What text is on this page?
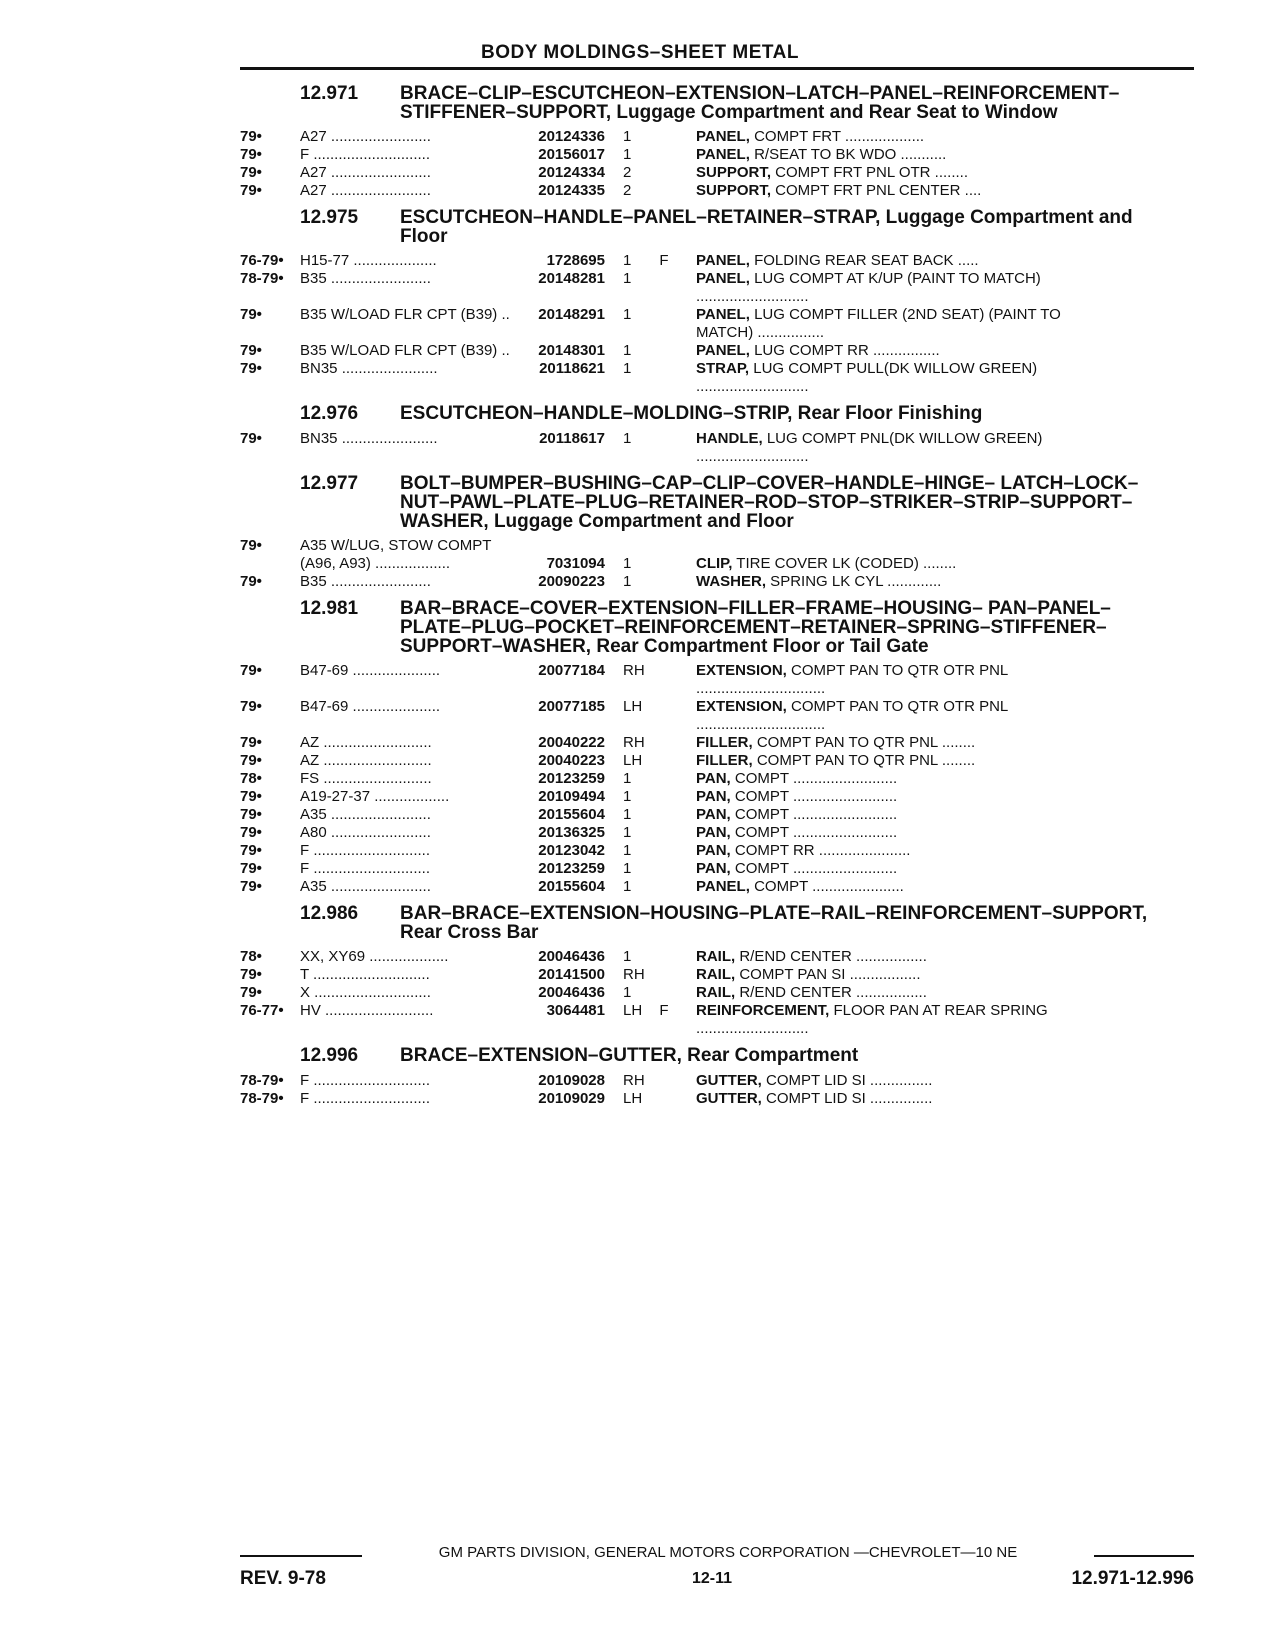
BODY MOLDINGS–SHEET METAL
12.971	BRACE–CLIP–ESCUTCHEON–EXTENSION–LATCH–PANEL–REINFORCEMENT–STIFFENER–SUPPORT, Luggage Compartment and Rear Seat to Window
79•	A27 ........................	20124336	1	PANEL, COMPT FRT ...................
79•	F ............................	20156017	1	PANEL, R/SEAT TO BK WDO ...........
79•	A27 ........................	20124334	2	SUPPORT, COMPT FRT PNL OTR ........
79•	A27 ........................	20124335	2	SUPPORT, COMPT FRT PNL CENTER ....
12.975	ESCUTCHEON–HANDLE–PANEL–RETAINER–STRAP, Luggage Compartment and Floor
76-79•	H15-77 ....................	1728695	1	F	PANEL, FOLDING REAR SEAT BACK .....
78-79•	B35 ........................	20148281	1	PANEL, LUG COMPT AT K/UP (PAINT TO MATCH) ...........................
79•	B35 W/LOAD FLR CPT (B39) ..	20148291	1	PANEL, LUG COMPT FILLER (2ND SEAT) (PAINT TO MATCH) ................
79•	B35 W/LOAD FLR CPT (B39) ..	20148301	1	PANEL, LUG COMPT RR ................
79•	BN35 .......................	20118621	1	STRAP, LUG COMPT PULL(DK WILLOW GREEN) ...........................
12.976	ESCUTCHEON–HANDLE–MOLDING–STRIP, Rear Floor Finishing
79•	BN35 .......................	20118617	1	HANDLE, LUG COMPT PNL(DK WILLOW GREEN) ...........................
12.977	BOLT–BUMPER–BUSHING–CAP–CLIP–COVER–HANDLE–HINGE– LATCH–LOCK–NUT–PAWL–PLATE–PLUG–RETAINER–ROD–STOP–STRIKER–STRIP–SUPPORT–WASHER, Luggage Compartment and Floor
79•	A35 W/LUG, STOW COMPT
(A96, A93) ..................	7031094	1	CLIP, TIRE COVER LK (CODED) ........
79•	B35 ........................	20090223	1	WASHER, SPRING LK CYL .............
12.981	BAR–BRACE–COVER–EXTENSION–FILLER–FRAME–HOUSING– PAN–PANEL–PLATE–PLUG–POCKET–REINFORCEMENT–RETAINER–SPRING–STIFFENER–SUPPORT–WASHER, Rear Compartment Floor or Tail Gate
79•	B47-69 .....................	20077184	RH	EXTENSION, COMPT PAN TO QTR OTR PNL ...............................
79•	B47-69 .....................	20077185	LH	EXTENSION, COMPT PAN TO QTR OTR PNL ...............................
79•	AZ ..........................	20040222	RH	FILLER, COMPT PAN TO QTR PNL ........
79•	AZ ..........................	20040223	LH	FILLER, COMPT PAN TO QTR PNL ........
78•	FS ..........................	20123259	1	PAN, COMPT .........................
79•	A19-27-37 ..................	20109494	1	PAN, COMPT .........................
79•	A35 ........................	20155604	1	PAN, COMPT .........................
79•	A80 ........................	20136325	1	PAN, COMPT .........................
79•	F ............................	20123042	1	PAN, COMPT RR ......................
79•	F ............................	20123259	1	PAN, COMPT .........................
79•	A35 ........................	20155604	1	PANEL, COMPT ......................
12.986	BAR–BRACE–EXTENSION–HOUSING–PLATE–RAIL–REINFORCEMENT–SUPPORT, Rear Cross Bar
78•	XX, XY69 ...................	20046436	1	RAIL, R/END CENTER .................
79•	T ............................	20141500	RH	RAIL, COMPT PAN SI .................
79•	X ............................	20046436	1	RAIL, R/END CENTER .................
76-77•	HV ..........................	3064481	LH	F	REINFORCEMENT, FLOOR PAN AT REAR SPRING ...........................
12.996	BRACE–EXTENSION–GUTTER, Rear Compartment
78-79•	F ............................	20109028	RH	GUTTER, COMPT LID SI ...............
78-79•	F ............................	20109029	LH	GUTTER, COMPT LID SI ...............
GM PARTS DIVISION, GENERAL MOTORS CORPORATION —CHEVROLET—10 NE
REV. 9-78	12-11	12.971-12.996
